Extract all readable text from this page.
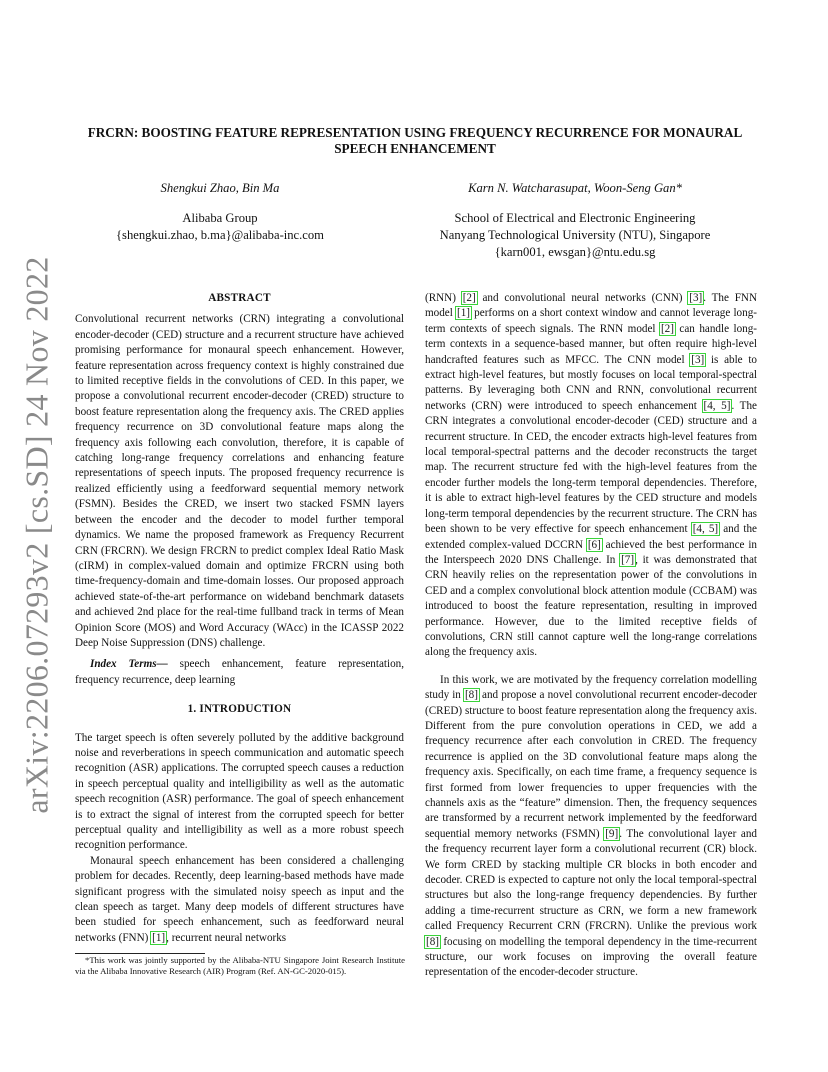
arXiv:2206.07293v2 [cs.SD] 24 Nov 2022
FRCRN: BOOSTING FEATURE REPRESENTATION USING FREQUENCY RECURRENCE FOR MONAURAL
SPEECH ENHANCEMENT
Shengkui Zhao, Bin Ma
Alibaba Group
{shengkui.zhao, b.ma}@alibaba-inc.com
Karn N. Watcharasupat, Woon-Seng Gan*
School of Electrical and Electronic Engineering
Nanyang Technological University (NTU), Singapore
{karn001, ewsgan}@ntu.edu.sg
ABSTRACT

Convolutional recurrent networks (CRN) integrating a convolutional encoder-decoder (CED) structure and a recurrent structure have achieved promising performance for monaural speech enhancement. However, feature representation across frequency context is highly constrained due to limited receptive fields in the convolutions of CED. In this paper, we propose a convolutional recurrent encoder-decoder (CRED) structure to boost feature representation along the frequency axis. The CRED applies frequency recurrence on 3D convolutional feature maps along the frequency axis following each convolution, therefore, it is capable of catching long-range frequency correlations and enhancing feature representations of speech inputs. The proposed frequency recurrence is realized efficiently using a feedforward sequential memory network (FSMN). Besides the CRED, we insert two stacked FSMN layers between the encoder and the decoder to model further temporal dynamics. We name the proposed framework as Frequency Recurrent CRN (FRCRN). We design FRCRN to predict complex Ideal Ratio Mask (cIRM) in complex-valued domain and optimize FRCRN using both time-frequency-domain and time-domain losses. Our proposed approach achieved state-of-the-art performance on wideband benchmark datasets and achieved 2nd place for the real-time fullband track in terms of Mean Opinion Score (MOS) and Word Accuracy (WAcc) in the ICASSP 2022 Deep Noise Suppression (DNS) challenge.

Index Terms— speech enhancement, feature representation, frequency recurrence, deep learning

1. INTRODUCTION

The target speech is often severely polluted by the additive background noise and reverberations in speech communication and automatic speech recognition (ASR) applications. The corrupted speech causes a reduction in speech perceptual quality and intelligibility as well as the automatic speech recognition (ASR) performance. The goal of speech enhancement is to extract the signal of interest from the corrupted speech for better perceptual quality and intelligibility as well as a more robust speech recognition performance.

Monaural speech enhancement has been considered a challenging problem for decades. Recently, deep learning-based methods have made significant progress with the simulated noisy speech as input and the clean speech as target. Many deep models of different structures have been studied for speech enhancement, such as feedforward neural networks (FNN) [1], recurrent neural networks

*This work was jointly supported by the Alibaba-NTU Singapore Joint Research Institute via the Alibaba Innovative Research (AIR) Program (Ref. AN-GC-2020-015).

(RNN) [2] and convolutional neural networks (CNN) [3]. The FNN model [1] performs on a short context window and cannot leverage long-term contexts of speech signals. The RNN model [2] can handle long-term contexts in a sequence-based manner, but often require high-level handcrafted features such as MFCC. The CNN model [3] is able to extract high-level features, but mostly focuses on local temporal-spectral patterns. By leveraging both CNN and RNN, convolutional recurrent networks (CRN) were introduced to speech enhancement [4, 5]. The CRN integrates a convolutional encoder-decoder (CED) structure and a recurrent structure. In CED, the encoder extracts high-level features from local temporal-spectral patterns and the decoder reconstructs the target map. The recurrent structure fed with the high-level features from the encoder further models the long-term temporal dependencies. Therefore, it is able to extract high-level features by the CED structure and models long-term temporal dependencies by the recurrent structure. The CRN has been shown to be very effective for speech enhancement [4, 5] and the extended complex-valued DCCRN [6] achieved the best performance in the Interspeech 2020 DNS Challenge. In [7], it was demonstrated that CRN heavily relies on the representation power of the convolutions in CED and a complex convolutional block attention module (CCBAM) was introduced to boost the feature representation, resulting in improved performance. However, due to the limited receptive fields of convolutions, CRN still cannot capture well the long-range correlations along the frequency axis.

In this work, we are motivated by the frequency correlation modelling study in [8] and propose a novel convolutional recurrent encoder-decoder (CRED) structure to boost feature representation along the frequency axis. Different from the pure convolution operations in CED, we add a frequency recurrence after each convolution in CRED. The frequency recurrence is applied on the 3D convolutional feature maps along the frequency axis. Specifically, on each time frame, a frequency sequence is first formed from lower frequencies to upper frequencies with the channels axis as the “feature” dimension. Then, the frequency sequences are transformed by a recurrent network implemented by the feedforward sequential memory networks (FSMN) [9]. The convolutional layer and the frequency recurrent layer form a convolutional recurrent (CR) block. We form CRED by stacking multiple CR blocks in both encoder and decoder. CRED is expected to capture not only the local temporal-spectral structures but also the long-range frequency dependencies. By further adding a time-recurrent structure as CRN, we form a new framework called Frequency Recurrent CRN (FRCRN). Unlike the previous work [8] focusing on modelling the temporal dependency in the time-recurrent structure, our work focuses on improving the overall feature representation of the encoder-decoder structure.
